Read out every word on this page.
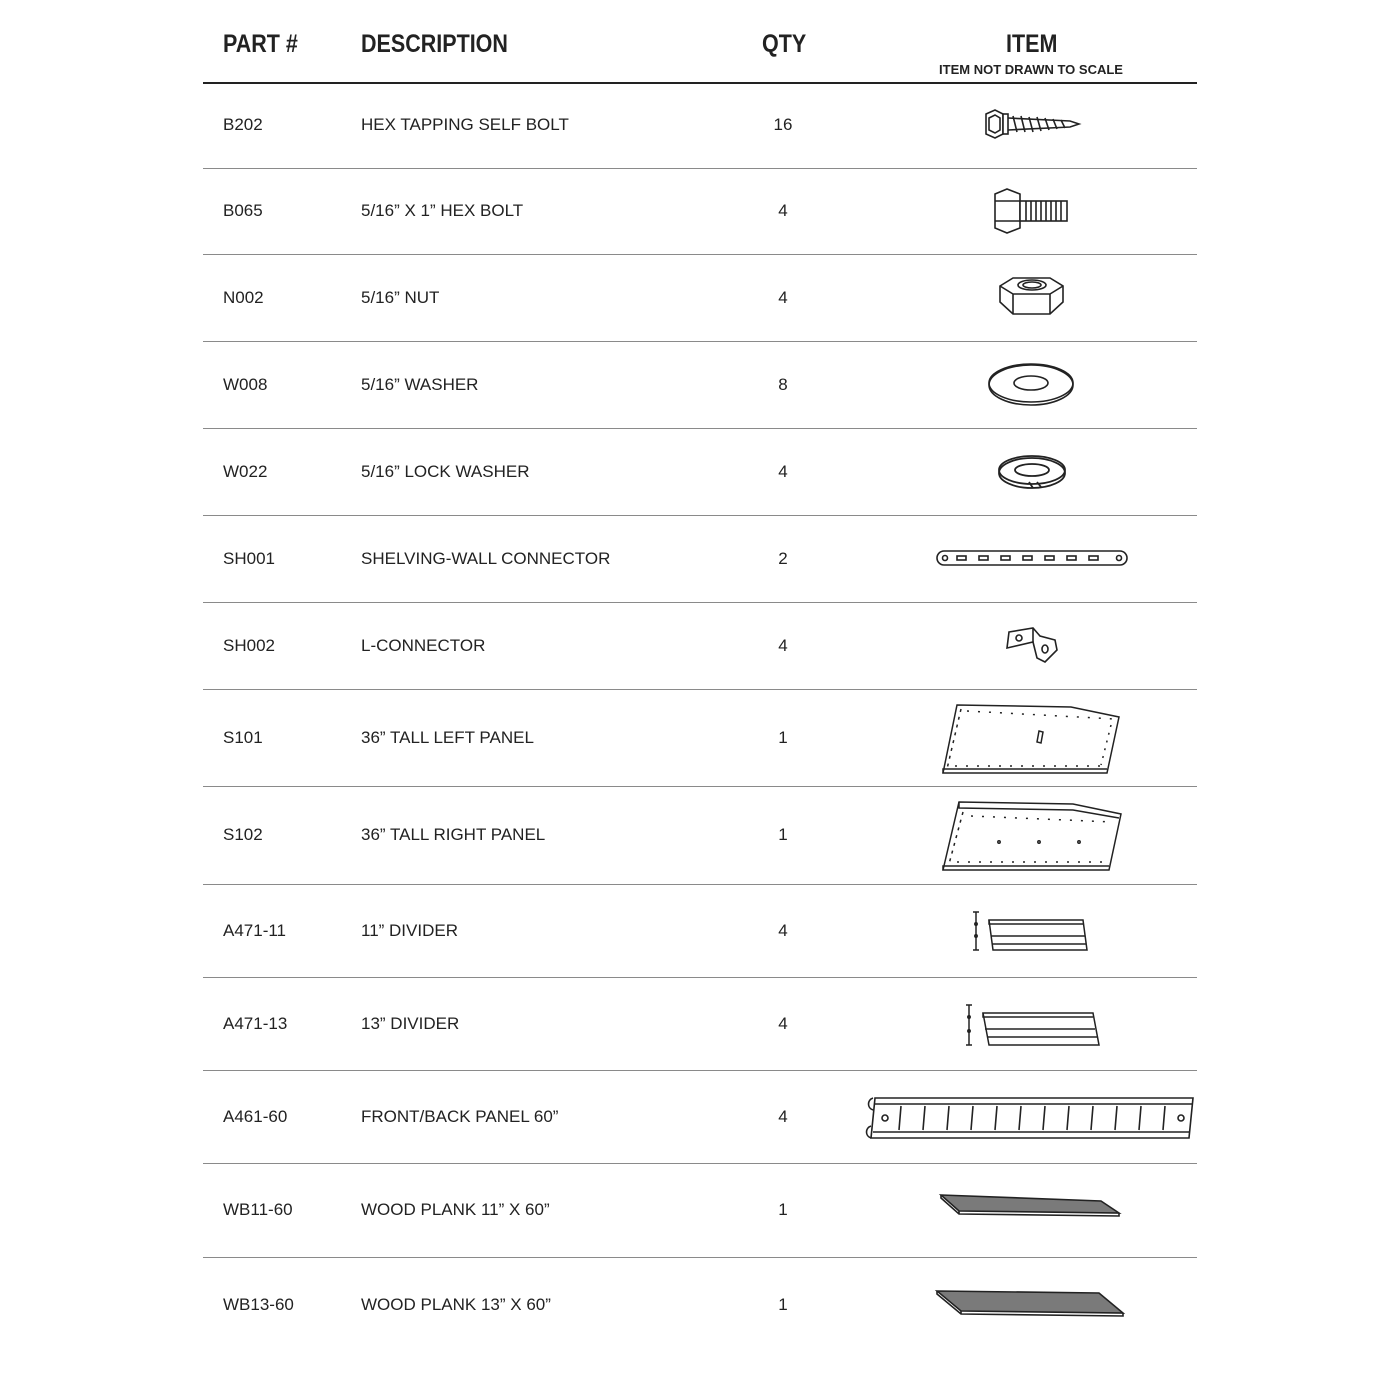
PART #	DESCRIPTION	QTY	ITEM
ITEM NOT DRAWN TO SCALE
B202	HEX TAPPING SELF BOLT	16
B065	5/16” X 1” HEX BOLT	4
N002	5/16” NUT	4
W008	5/16” WASHER	8
W022	5/16” LOCK WASHER	4
SH001	SHELVING-WALL CONNECTOR	2
SH002	L-CONNECTOR	4
S101	36” TALL LEFT PANEL	1
S102	36” TALL RIGHT PANEL	1
A471-11	11” DIVIDER	4
A471-13	13” DIVIDER	4
A461-60	FRONT/BACK PANEL 60”	4
WB11-60	WOOD PLANK 11” X 60”	1
WB13-60	WOOD PLANK 13” X 60”	1
